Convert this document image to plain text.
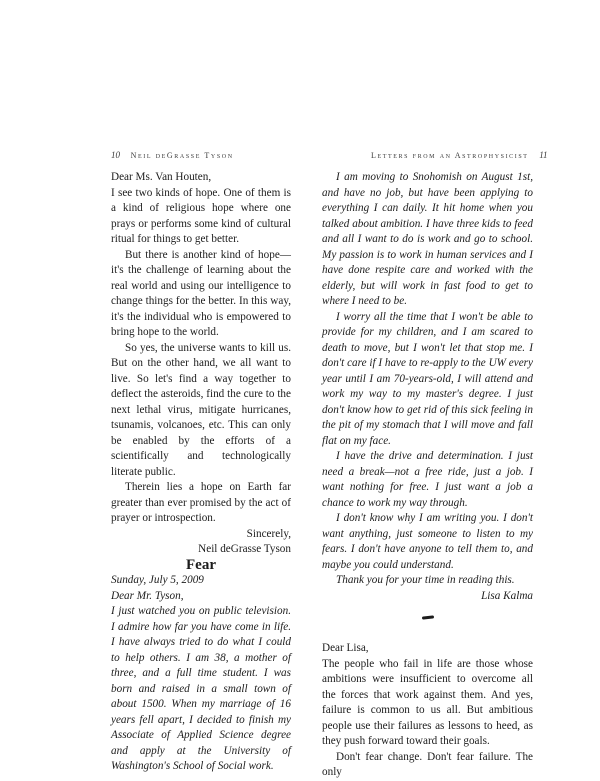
10 Neil deGrasse Tyson

Dear Ms. Van Houten,

I see two kinds of hope. One of them is a kind of religious hope where one prays or performs some kind of cultural ritual for things to get better.

But there is another kind of hope—it's the challenge of learning about the real world and using our intelligence to change things for the better. In this way, it's the individual who is empowered to bring hope to the world.

So yes, the universe wants to kill us. But on the other hand, we all want to live. So let's find a way together to deflect the asteroids, find the cure to the next lethal virus, mitigate hurricanes, tsunamis, volcanoes, etc. This can only be enabled by the efforts of a scientifically and technologically literate public.

Therein lies a hope on Earth far greater than ever promised by the act of prayer or introspection.

Sincerely,

Neil deGrasse Tyson

Fear

Sunday, July 5, 2009

Dear Mr. Tyson,

I just watched you on public television. I admire how far you have come in life. I have always tried to do what I could to help others. I am 38, a mother of three, and a full time student. I was born and raised in a small town of about 1500. When my marriage of 16 years fell apart, I decided to finish my Associate of Applied Science degree and apply at the University of Washington's School of Social work.

Letters from an Astrophysicist 11

I am moving to Snohomish on August 1st, and have no job, but have been applying to everything I can daily. It hit home when you talked about ambition. I have three kids to feed and all I want to do is work and go to school. My passion is to work in human services and I have done respite care and worked with the elderly, but will work in fast food to get to where I need to be.

I worry all the time that I won't be able to provide for my children, and I am scared to death to move, but I won't let that stop me. I don't care if I have to re-apply to the UW every year until I am 70-years-old, I will attend and work my way to my master's degree. I just don't know how to get rid of this sick feeling in the pit of my stomach that I will move and fall flat on my face.

I have the drive and determination. I just need a break—not a free ride, just a job. I want nothing for free. I just want a job a chance to work my way through.

I don't know why I am writing you. I don't want anything, just someone to listen to my fears. I don't have anyone to tell them to, and maybe you could understand.

Thank you for your time in reading this.

Lisa Kalma

Dear Lisa,

The people who fail in life are those whose ambitions were insufficient to overcome all the forces that work against them. And yes, failure is common to us all. But ambitious people use their failures as lessons to heed, as they push forward toward their goals.

Don't fear change. Don't fear failure. The only
